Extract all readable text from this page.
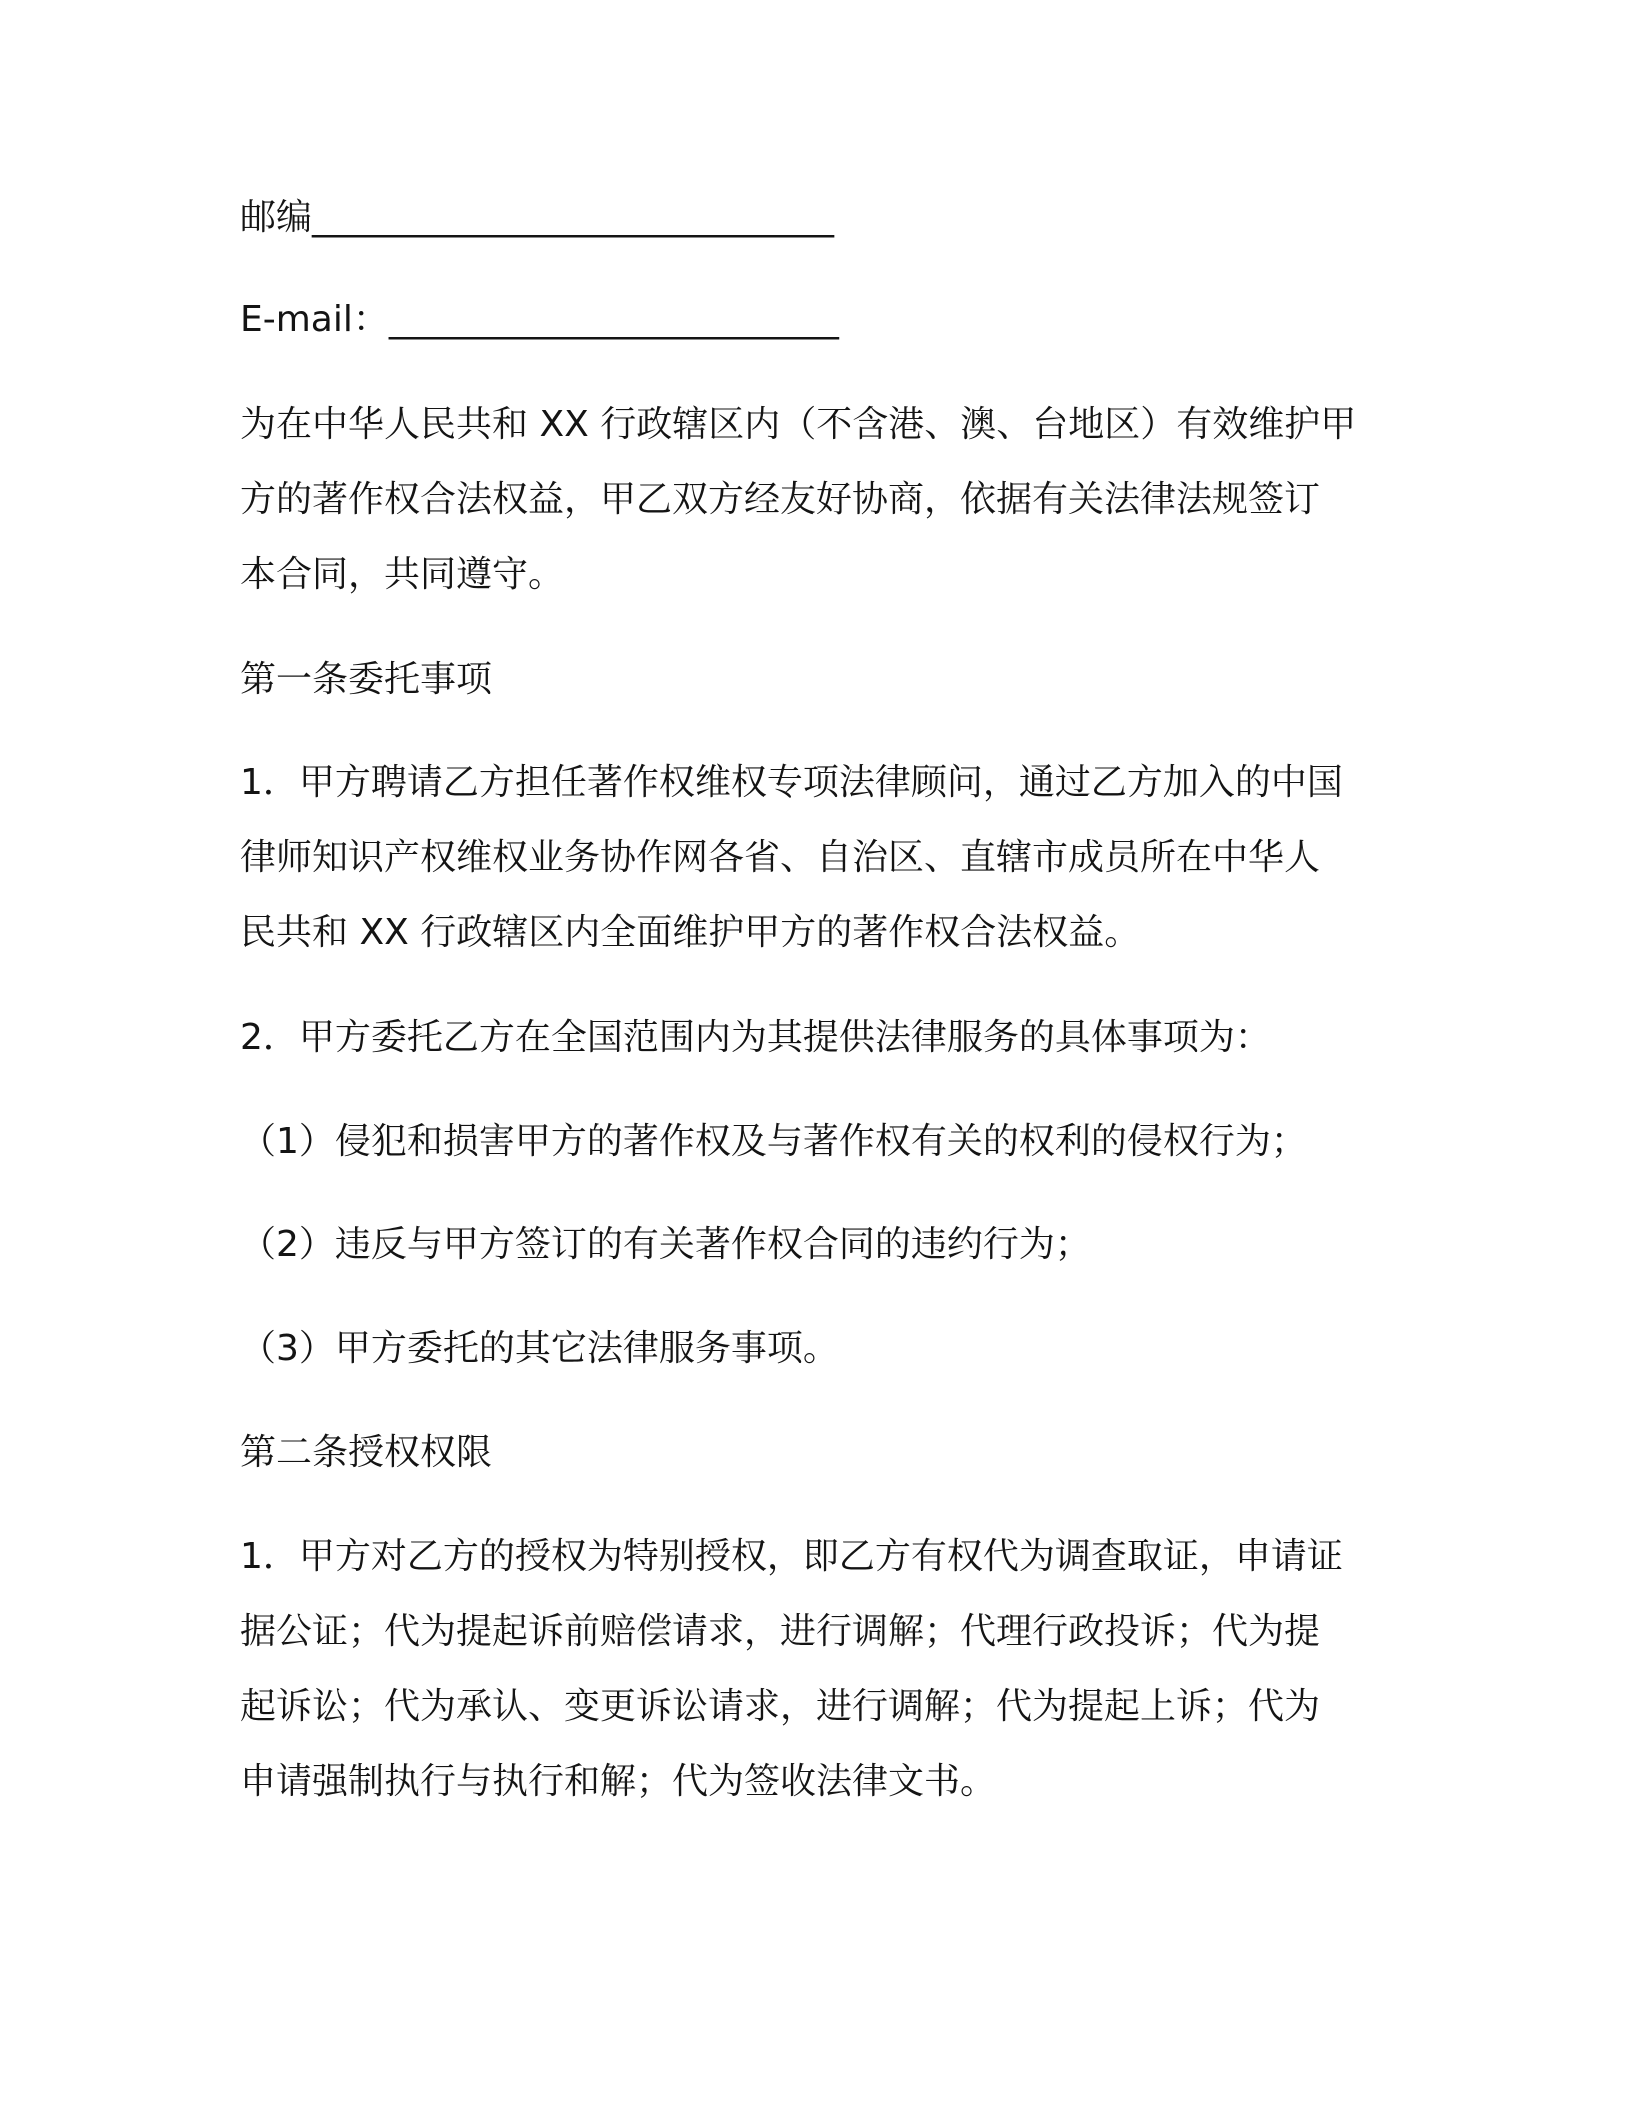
邮编_____________________________
E-mail：_________________________
为在中华人民共和 XX 行政辖区内（不含港、澳、台地区）有效维护甲
方的著作权合法权益，甲乙双方经友好协商，依据有关法律法规签订
本合同，共同遵守。
第一条委托事项
1．甲方聘请乙方担任著作权维权专项法律顾问，通过乙方加入的中国
律师知识产权维权业务协作网各省、自治区、直辖市成员所在中华人
民共和 XX 行政辖区内全面维护甲方的著作权合法权益。
2．甲方委托乙方在全国范围内为其提供法律服务的具体事项为：
（1）侵犯和损害甲方的著作权及与著作权有关的权利的侵权行为；
（2）违反与甲方签订的有关著作权合同的违约行为；
（3）甲方委托的其它法律服务事项。
第二条授权权限
1．甲方对乙方的授权为特别授权，即乙方有权代为调查取证，申请证
据公证；代为提起诉前赔偿请求，进行调解；代理行政投诉；代为提
起诉讼；代为承认、变更诉讼请求，进行调解；代为提起上诉；代为
申请强制执行与执行和解；代为签收法律文书。
